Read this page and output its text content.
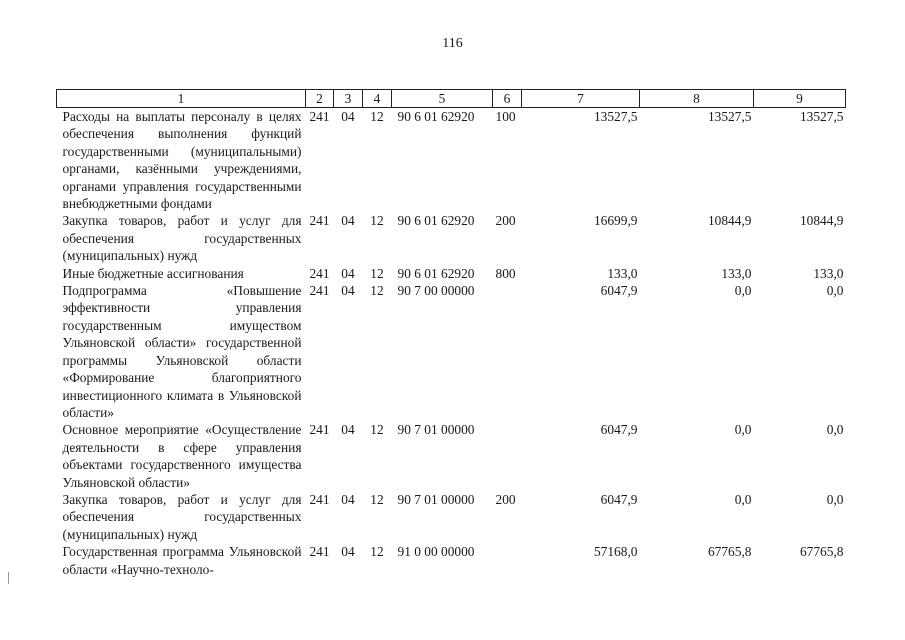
116
1	2	3	4	5	6	7	8	9
Расходы на выплаты персоналу в целях обеспечения выполнения функций государственными (муниципальными) органами, казёнными учреждениями, органами управления государственными внебюджетными фондами	241	04	12	90 6 01 62920	100	13527,5	13527,5	13527,5
Закупка товаров, работ и услуг для обеспечения государственных (муниципальных) нужд	241	04	12	90 6 01 62920	200	16699,9	10844,9	10844,9
Иные бюджетные ассигнования	241	04	12	90 6 01 62920	800	133,0	133,0	133,0
Подпрограмма «Повышение эффективности управления государственным имуществом Ульяновской области» государственной программы Ульяновской области «Формирование благоприятного инвестиционного климата в Ульяновской области»	241	04	12	90 7 00 00000		6047,9	0,0	0,0
Основное мероприятие «Осуществление деятельности в сфере управления объектами государственного имущества Ульяновской области»	241	04	12	90 7 01 00000		6047,9	0,0	0,0
Закупка товаров, работ и услуг для обеспечения государственных (муниципальных) нужд	241	04	12	90 7 01 00000	200	6047,9	0,0	0,0
Государственная программа Ульяновской области «Научно-техноло-	241	04	12	91 0 00 00000		57168,0	67765,8	67765,8
